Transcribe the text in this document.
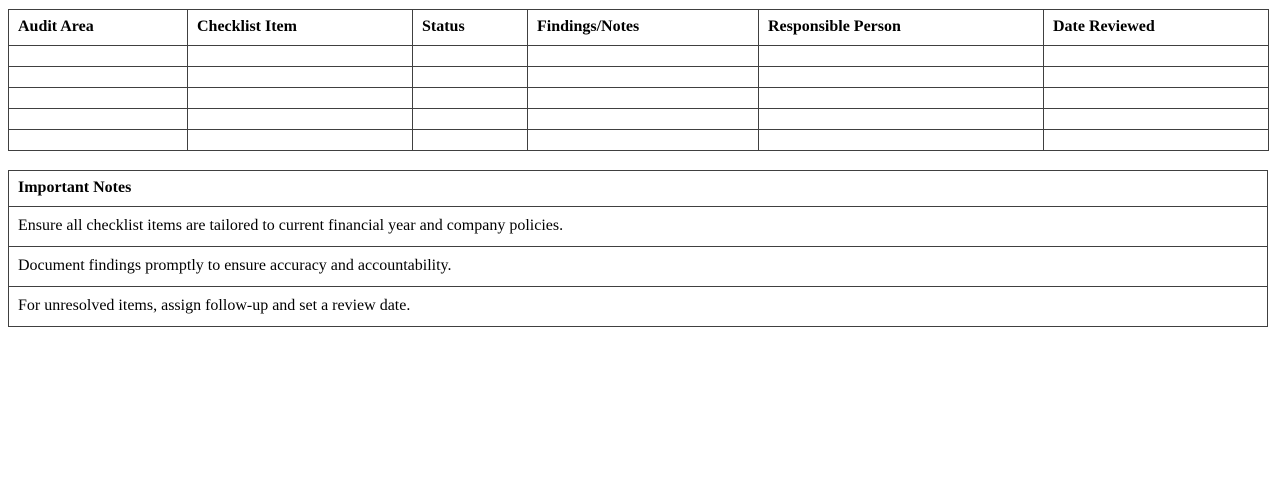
Audit Area	Checklist Item	Status	Findings/Notes	Responsible Person	Date Reviewed

Important Notes
Ensure all checklist items are tailored to current financial year and company policies.
Document findings promptly to ensure accuracy and accountability.
For unresolved items, assign follow-up and set a review date.
